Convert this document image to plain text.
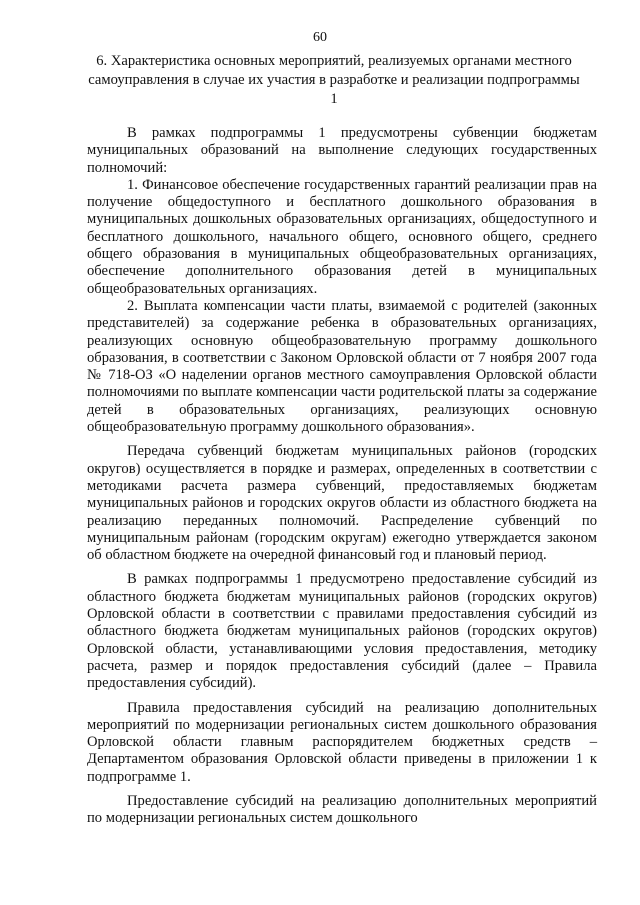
60
6. Характеристика основных мероприятий, реализуемых органами местного самоуправления в случае их участия в разработке и реализации подпрограммы 1

В рамках подпрограммы 1 предусмотрены субвенции бюджетам муниципальных образований на выполнение следующих государственных полномочий:

1. Финансовое обеспечение государственных гарантий реализации прав на получение общедоступного и бесплатного дошкольного образования в муниципальных дошкольных образовательных организациях, общедоступного и бесплатного дошкольного, начального общего, основного общего, среднего общего образования в муниципальных общеобразовательных организациях, обеспечение дополнительного образования детей в муниципальных общеобразовательных организациях.

2. Выплата компенсации части платы, взимаемой с родителей (законных представителей) за содержание ребенка в образовательных организациях, реализующих основную общеобразовательную программу дошкольного образования, в соответствии с Законом Орловской области от 7 ноября 2007 года № 718-ОЗ «О наделении органов местного самоуправления Орловской области полномочиями по выплате компенсации части родительской платы за содержание детей в образовательных организациях, реализующих основную общеобразовательную программу дошкольного образования».

Передача субвенций бюджетам муниципальных районов (городских округов) осуществляется в порядке и размерах, определенных в соответствии с методиками расчета размера субвенций, предоставляемых бюджетам муниципальных районов и городских округов области из областного бюджета на реализацию переданных полномочий. Распределение субвенций по муниципальным районам (городским округам) ежегодно утверждается законом об областном бюджете на очередной финансовый год и плановый период.

В рамках подпрограммы 1 предусмотрено предоставление субсидий из областного бюджета бюджетам муниципальных районов (городских округов) Орловской области в соответствии с правилами предоставления субсидий из областного бюджета бюджетам муниципальных районов (городских округов) Орловской области, устанавливающими условия предоставления, методику расчета, размер и порядок предоставления субсидий (далее – Правила предоставления субсидий).

Правила предоставления субсидий на реализацию дополнительных мероприятий по модернизации региональных систем дошкольного образования Орловской области главным распорядителем бюджетных средств – Департаментом образования Орловской области приведены в приложении 1 к подпрограмме 1.

Предоставление субсидий на реализацию дополнительных мероприятий по модернизации региональных систем дошкольного
